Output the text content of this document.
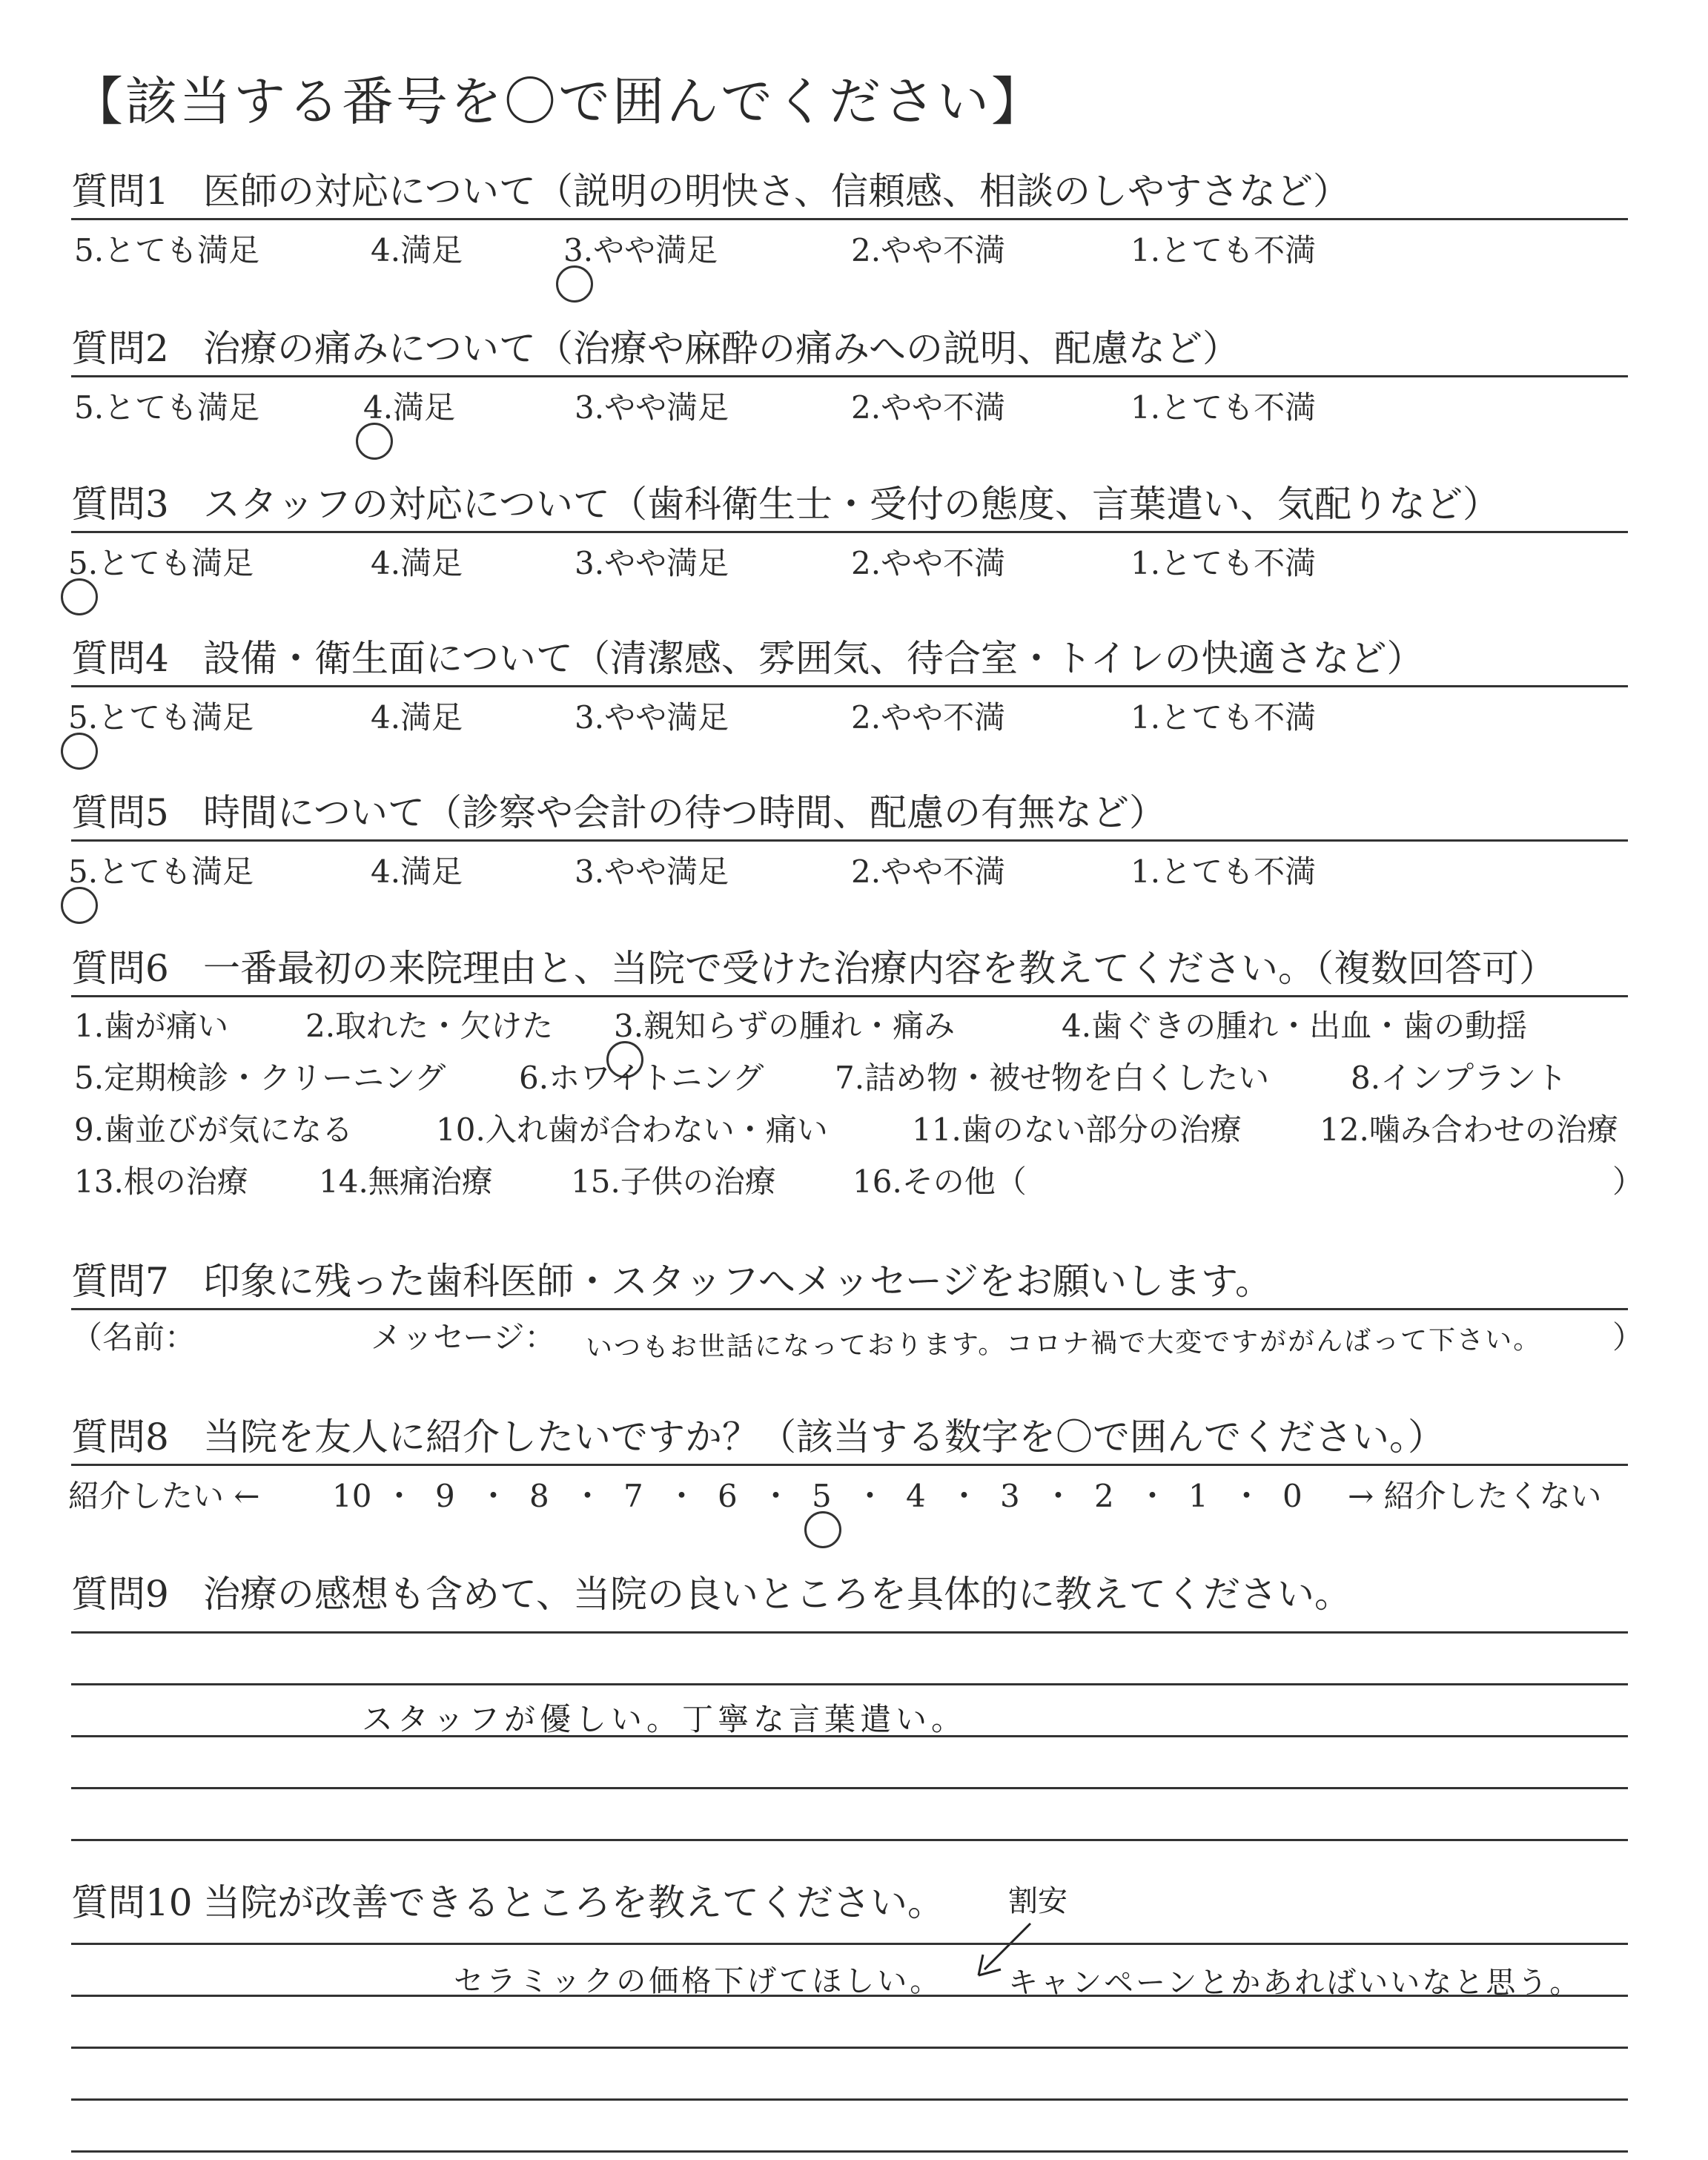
【該当する番号を〇で囲んでください】
質問1 医師の対応について（説明の明快さ、信頼感、相談のしやすさなど）
5.とても満足	4.満足	3.やや満足	2.やや不満	1.とても不満
質問2 治療の痛みについて（治療や麻酔の痛みへの説明、配慮など）
5.とても満足	4.満足	3.やや満足	2.やや不満	1.とても不満
質問3 スタッフの対応について（歯科衛生士・受付の態度、言葉遣い、気配りなど）
5.とても満足	4.満足	3.やや満足	2.やや不満	1.とても不満
質問4 設備・衛生面について（清潔感、雰囲気、待合室・トイレの快適さなど）
5.とても満足	4.満足	3.やや満足	2.やや不満	1.とても不満
質問5 時間について（診察や会計の待つ時間、配慮の有無など）
5.とても満足	4.満足	3.やや満足	2.やや不満	1.とても不満
質問6 一番最初の来院理由と、当院で受けた治療内容を教えてください。（複数回答可）
1.歯が痛い 2.取れた・欠けた 3.親知らずの腫れ・痛み	4.歯ぐきの腫れ・出血・歯の動揺
5.定期検診・クリーニング 6.ホワイトニング 7.詰め物・被せ物を白くしたい	8.インプラント
9.歯並びが気になる	10.入れ歯が合わない・痛い	11.歯のない部分の治療	12.噛み合わせの治療
13.根の治療 14.無痛治療	15.子供の治療 16.その他（	）
質問7 印象に残った歯科医師・スタッフへメッセージをお願いします。
（名前：	メッセージ： いつもお世話になっております。コロナ禍で大変ですががんばって下さい。 ）
質問8 当院を友人に紹介したいですか？（該当する数字を〇で囲んでください。）
紹介したい ← 10 ・ 9 ・ 8 ・ 7 ・ 6 ・ 5 ・ 4 ・ 3 ・ 2 ・ 1 ・ 0 → 紹介したくない
質問9 治療の感想も含めて、当院の良いところを具体的に教えてください。
スタッフが優しい。丁寧な言葉遣い。
質問10 当院が改善できるところを教えてください。	割安
セラミックの価格下げてほしい。 キャンペーンとかあればいいなと思う。
